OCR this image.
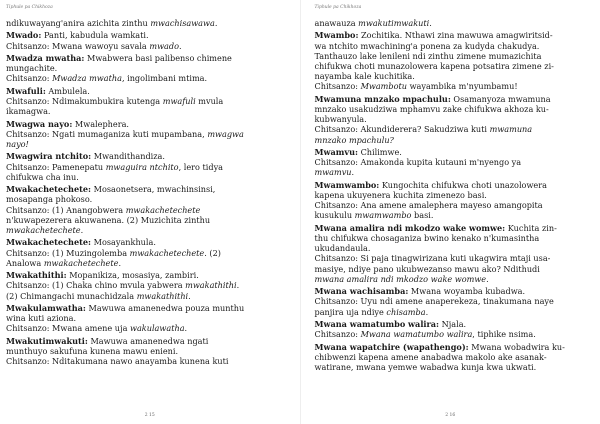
Tiphule pa Chikhoza
ndikuwayang'anira azichita zinthu mwachisawawa.
Mwado: Panti, kabudula wamkati.
Chitsanzo: Mwana wawoyu savala mwado.
Mwadza mwatha: Mwabwera basi palibenso chimene
mungachite.
Chitsanzo: Mwadza mwatha, ingolimbani mtima.
Mwafuli: Ambulela.
Chitsanzo: Ndimakumbukira kutenga mwafuli mvula
ikamagwa.
Mwagwa nayo: Mwalephera.
Chitsanzo: Ngati mumaganiza kuti mupambana, mwagwa
nayo!
Mwagwira ntchito: Mwandithandiza.
Chitsanzo: Pamenepatu mwaguira ntchito, lero tidya
chifukwa cha inu.
Mwakachetechete: Mosaonetsera, mwachinsinsi,
mosapanga phokoso.
Chitsanzo: (1) Anangobwera mwakachetechete
n'kuwapezerera akuwanena. (2) Muzichita zinthu
mwakachetechete.
Mwakachetechete: Mosayankhula.
Chitsanzo: (1) Muzingolemba mwakachetechete. (2)
Analowa mwakachetechete.
Mwakathithi: Mopanikiza, mosasiya, zambiri.
Chitsanzo: (1) Chaka chino mvula yabwera mwakathithi.
(2) Chimangachi munachidzala mwakathithi.
Mwakulamwatha: Mawuwa amanenedwa pouza munthu
wina kuti aziona.
Chitsanzo: Mwana amene uja wakulawatha.
Mwakutimwakuti: Mawuwa amanenedwa ngati
munthuyo sakufuna kunena mawu enieni.
Chitsanzo: Nditakumana nawo anayamba kunena kuti
2 15
Tiphule pa Chikhoza
anawauza mwakutimwakuti.
Mwambo: Zochitika. Nthawi zina mawuwa amagwiritsid-
wa ntchito mwachining'a ponena za kudyda chakudya.
Tanthauzo lake lenileni ndi zinthu zimene mumazichita
chifukwa choti munazolowera kapena potsatira zimene zi-
nayamba kale kuchitika.
Chitsanzo: Mwambotu wayambika m'nyumbamu!
Mwamuna mnzako mpachulu: Osamanyoza mwamuna
mnzako usakudziwa mphamvu zake chifukwa akhoza ku-
kubwanyula.
Chitsanzo: Akundiderera? Sakudziwa kuti mwamuna
mnzako mpachulu?
Mwamvu: Chilimwe.
Chitsanzo: Amakonda kupita kutauni m'nyengo ya
mwamvu.
Mwamwambo: Kungochita chifukwa choti unazolowera
kapena ukuyenera kuchita zimenezo basi.
Chitsanzo: Ana amene amalephera mayeso amangopita
kusukulu mwamwambo basi.
Mwana amalira ndi mkodzo wake womwe: Kuchita zin-
thu chifukwa chosaganiza bwino kenako n'kumasintha
ukudandaula.
Chitsanzo: Si paja tinagwirizana kuti ukagwira mtaji usa-
masiye, ndiye pano ukubwezanso mawu ako? Ndithudi
mwana amalira ndi mkodzo wake womwe.
Mwana wachisamba: Mwana woyamba kubadwa.
Chitsanzo: Uyu ndi amene anaperekeza, tinakumana naye
panjira uja ndiye chisamba.
Mwana wamatumbo walira: Njala.
Chitsanzo: Mwana wamatumbo walira, tiphike nsima.
Mwana wapatchire (wapathengo): Mwana wobadwira ku-
chibwenzi kapena amene anabadwa makolo ake asanak-
watirane, mwana yemwe wabadwa kunja kwa ukwati.
2 16
